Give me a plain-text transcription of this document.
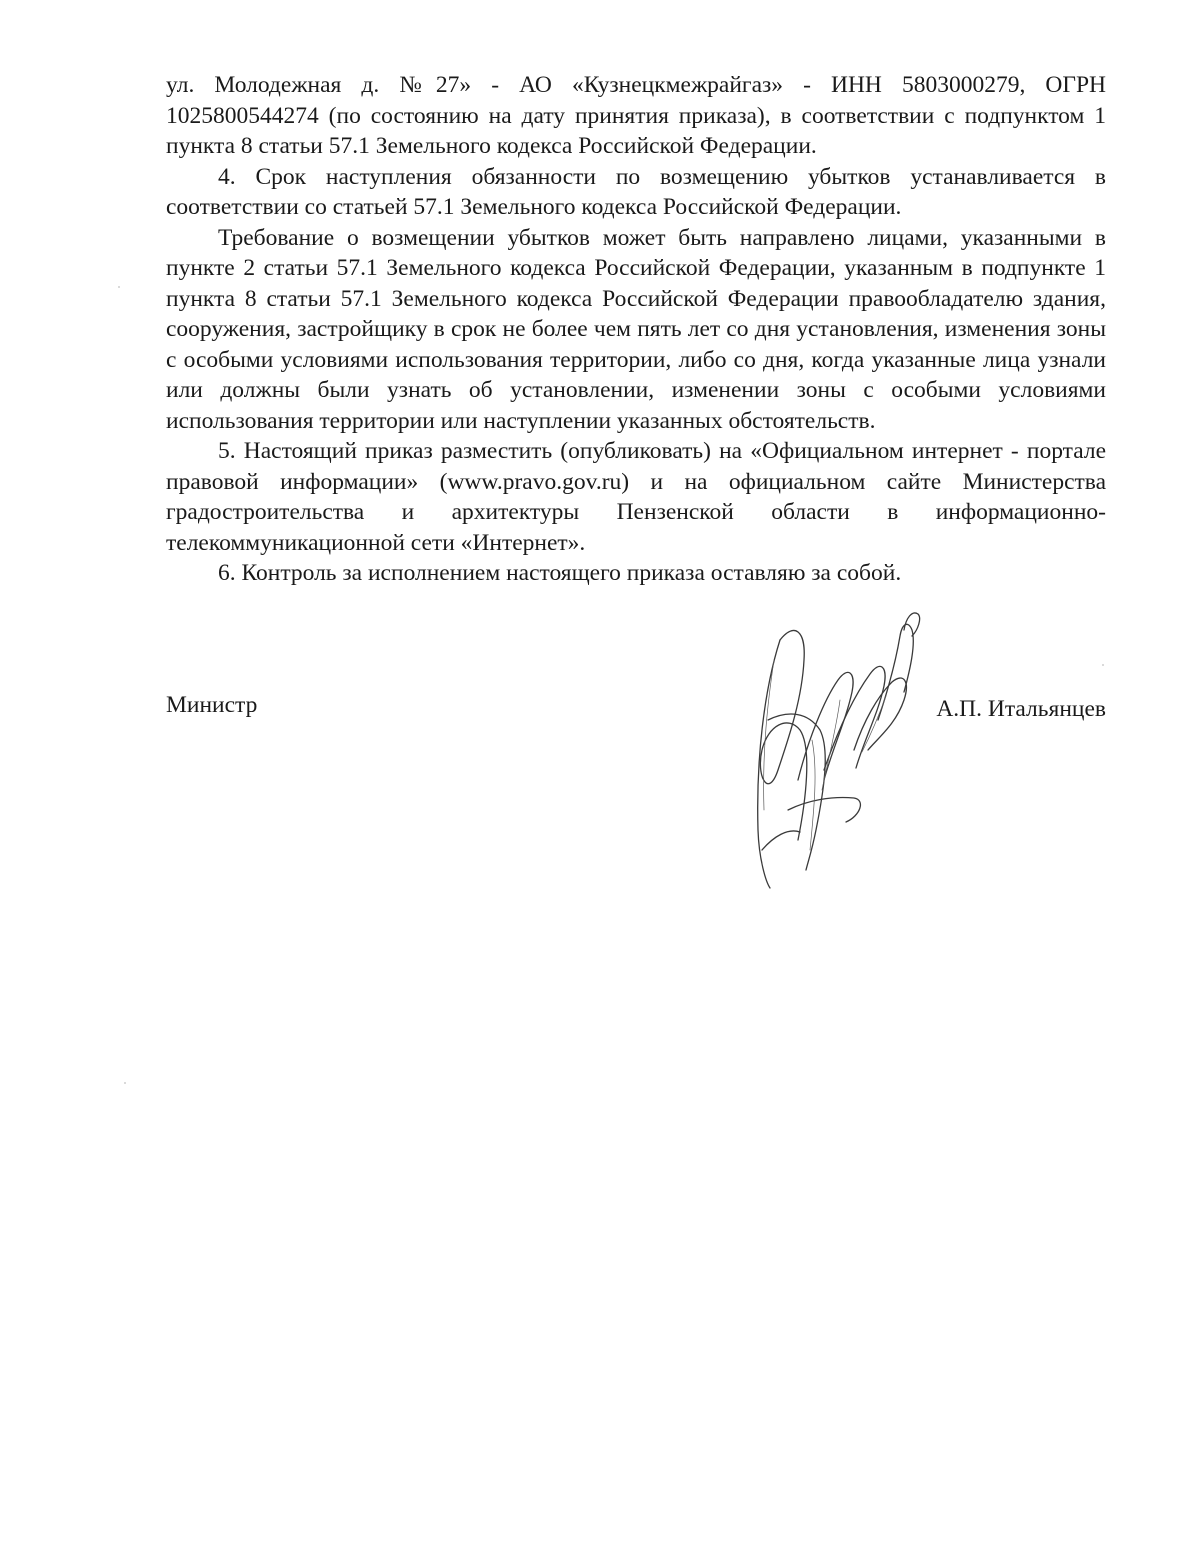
ул. Молодежная д. №27» - АО «Кузнецкмежрайгаз» - ИНН 5803000279, ОГРН 1025800544274 (по состоянию на дату принятия приказа), в соответствии с подпунктом 1 пункта 8 статьи 57.1 Земельного кодекса Российской Федерации.

4. Срок наступления обязанности по возмещению убытков устанавливается в соответствии со статьей 57.1 Земельного кодекса Российской Федерации.

Требование о возмещении убытков может быть направлено лицами, указанными в пункте 2 статьи 57.1 Земельного кодекса Российской Федерации, указанным в подпункте 1 пункта 8 статьи 57.1 Земельного кодекса Российской Федерации правообладателю здания, сооружения, застройщику в срок не более чем пять лет со дня установления, изменения зоны с особыми условиями использования территории, либо со дня, когда указанные лица узнали или должны были узнать об установлении, изменении зоны с особыми условиями использования территории или наступлении указанных обстоятельств.

5. Настоящий приказ разместить (опубликовать) на «Официальном интернет - портале правовой информации» (www.pravo.gov.ru) и на официальном сайте Министерства градостроительства и архитектуры Пензенской области в информационно-телекоммуникационной сети «Интернет».

6. Контроль за исполнением настоящего приказа оставляю за собой.

Министр	А.П. Итальянцев
